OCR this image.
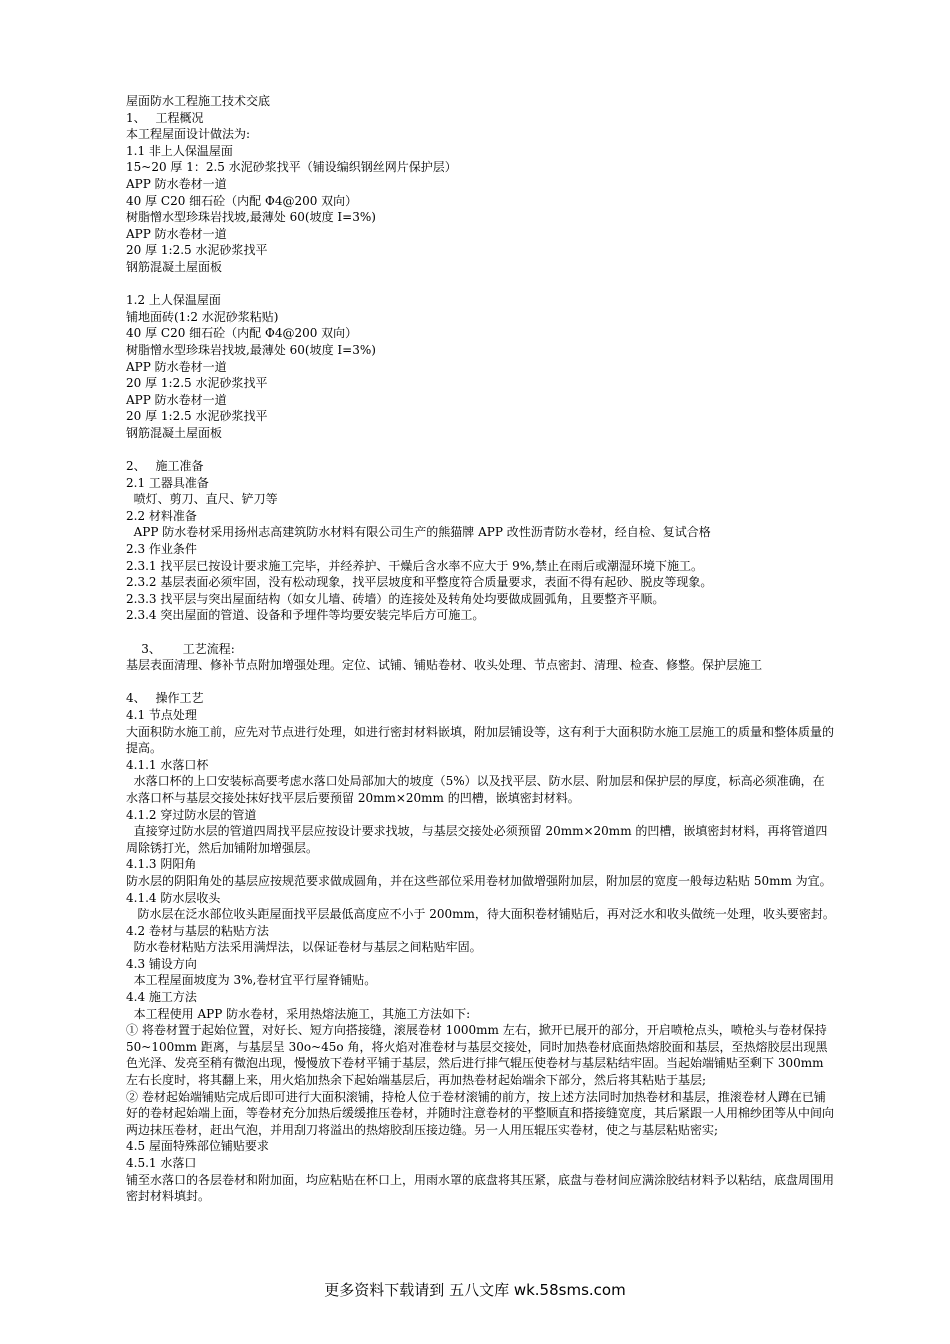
屋面防水工程施工技术交底
1、　 工程概况
本工程屋面设计做法为:
1.1 非上人保温屋面
15~20 厚 1：2.5 水泥砂浆找平（铺设编织钢丝网片保护层）
APP 防水卷材一道
40 厚 C20 细石砼（内配 Φ4@200 双向）
树脂憎水型珍珠岩找坡,最薄处 60(坡度 I=3%)
APP 防水卷材一道
20 厚 1:2.5 水泥砂浆找平
钢筋混凝土屋面板
1.2 上人保温屋面
铺地面砖(1:2 水泥砂浆粘贴)
40 厚 C20 细石砼（内配 Φ4@200 双向）
树脂憎水型珍珠岩找坡,最薄处 60(坡度 I=3%)
APP 防水卷材一道
20 厚 1:2.5 水泥砂浆找平
APP 防水卷材一道
20 厚 1:2.5 水泥砂浆找平
钢筋混凝土屋面板
2、　 施工准备
2.1 工器具准备
喷灯、剪刀、直尺、铲刀等
2.2 材料准备
APP 防水卷材采用扬州志高建筑防水材料有限公司生产的熊猫牌 APP 改性沥青防水卷材，经自检、复试合格
2.3 作业条件
2.3.1 找平层已按设计要求施工完毕，并经养护、干燥后含水率不应大于 9%,禁止在雨后或潮湿环境下施工。
2.3.2 基层表面必须牢固，没有松动现象，找平层坡度和平整度符合质量要求，表面不得有起砂、脱皮等现象。
2.3.3 找平层与突出屋面结构（如女儿墙、砖墙）的连接处及转角处均要做成圆弧角，且要整齐平顺。
2.3.4 突出屋面的管道、设备和予埋件等均要安装完毕后方可施工。
3、　　 工艺流程:
基层表面清理、修补节点附加增强处理。定位、试铺、铺贴卷材、收头处理、节点密封、清理、检查、修整。保护层施工
4、　 操作工艺
4.1 节点处理
大面积防水施工前，应先对节点进行处理，如进行密封材料嵌填，附加层铺设等，这有利于大面积防水施工层施工的质量和整体质量的提高。
4.1.1 水落口杯
水落口杯的上口安装标高要考虑水落口处局部加大的坡度（5%）以及找平层、防水层、附加层和保护层的厚度，标高必须准确，在水落口杯与基层交接处抹好找平层后要预留 20mm×20mm 的凹槽，嵌填密封材料。
4.1.2 穿过防水层的管道
直接穿过防水层的管道四周找平层应按设计要求找坡，与基层交接处必须预留 20mm×20mm 的凹槽，嵌填密封材料，再将管道四周除锈打光，然后加铺附加增强层。
4.1.3 阴阳角
防水层的阴阳角处的基层应按规范要求做成圆角，并在这些部位采用卷材加做增强附加层，附加层的宽度一般每边粘贴 50mm 为宜。
4.1.4 防水层收头
防水层在泛水部位收头距屋面找平层最低高度应不小于 200mm，待大面积卷材铺贴后，再对泛水和收头做统一处理，收头要密封。
4.2 卷材与基层的粘贴方法
防水卷材粘贴方法采用满焊法，以保证卷材与基层之间粘贴牢固。
4.3 铺设方向
本工程屋面坡度为 3%,卷材宜平行屋脊铺贴。
4.4 施工方法
本工程使用 APP 防水卷材，采用热熔法施工，其施工方法如下:
① 将卷材置于起始位置，对好长、短方向搭接缝，滚展卷材 1000mm 左右，掀开已展开的部分，开启喷枪点头，喷枪头与卷材保持 50~100mm 距离，与基层呈 30o~45o 角，将火焰对准卷材与基层交接处，同时加热卷材底面热熔胶面和基层，至热熔胶层出现黑色光泽、发亮至稍有微泡出现，慢慢放下卷材平铺于基层，然后进行排气辊压使卷材与基层粘结牢固。当起始端铺贴至剩下 300mm 左右长度时，将其翻上来，用火焰加热余下起始端基层后，再加热卷材起始端余下部分，然后将其粘贴于基层;
② 卷材起始端铺贴完成后即可进行大面积滚铺，持枪人位于卷材滚铺的前方，按上述方法同时加热卷材和基层，推滚卷材人蹲在已铺好的卷材起始端上面，等卷材充分加热后缓缓推压卷材，并随时注意卷材的平整顺直和搭接缝宽度，其后紧跟一人用棉纱团等从中间向两边抹压卷材，赶出气泡，并用刮刀将溢出的热熔胶刮压接边缝。另一人用压辊压实卷材，使之与基层粘贴密实;
4.5 屋面特殊部位铺贴要求
4.5.1 水落口
铺至水落口的各层卷材和附加面，均应粘贴在杯口上，用雨水罩的底盘将其压紧，底盘与卷材间应满涂胶结材料予以粘结，底盘周围用密封材料填封。
更多资料下载请到 五八文库 wk.58sms.com
